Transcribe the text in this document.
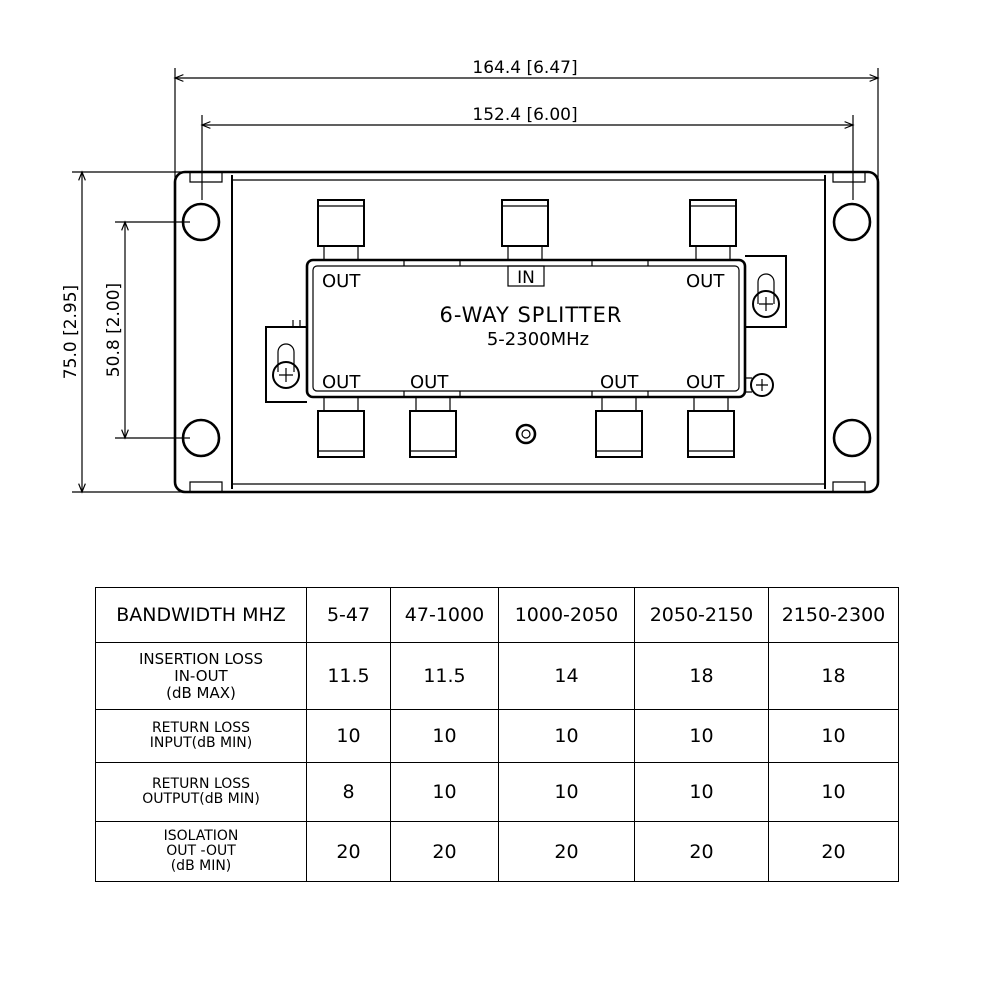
164.4 [6.47]
152.4 [6.00]
75.0 [2.95] 50.8 [2.00]
IN
6-WAY SPLITTER
5-2300MHz
OUT	OUT
OUT	OUT	OUT	OUT
BANDWIDTH MHZ	5-47	47-1000	1000-2050	2050-2150	2150-2300

INSERTION LOSS
IN-OUT
(dB MAX)	11.5	11.5	14	18	18

RETURN LOSS
INPUT(dB MIN)	10	10	10	10	10

RETURN LOSS
OUTPUT(dB MIN)	8	10	10	10	10

ISOLATION
OUT -OUT
(dB MIN)	20	20	20	20	20
